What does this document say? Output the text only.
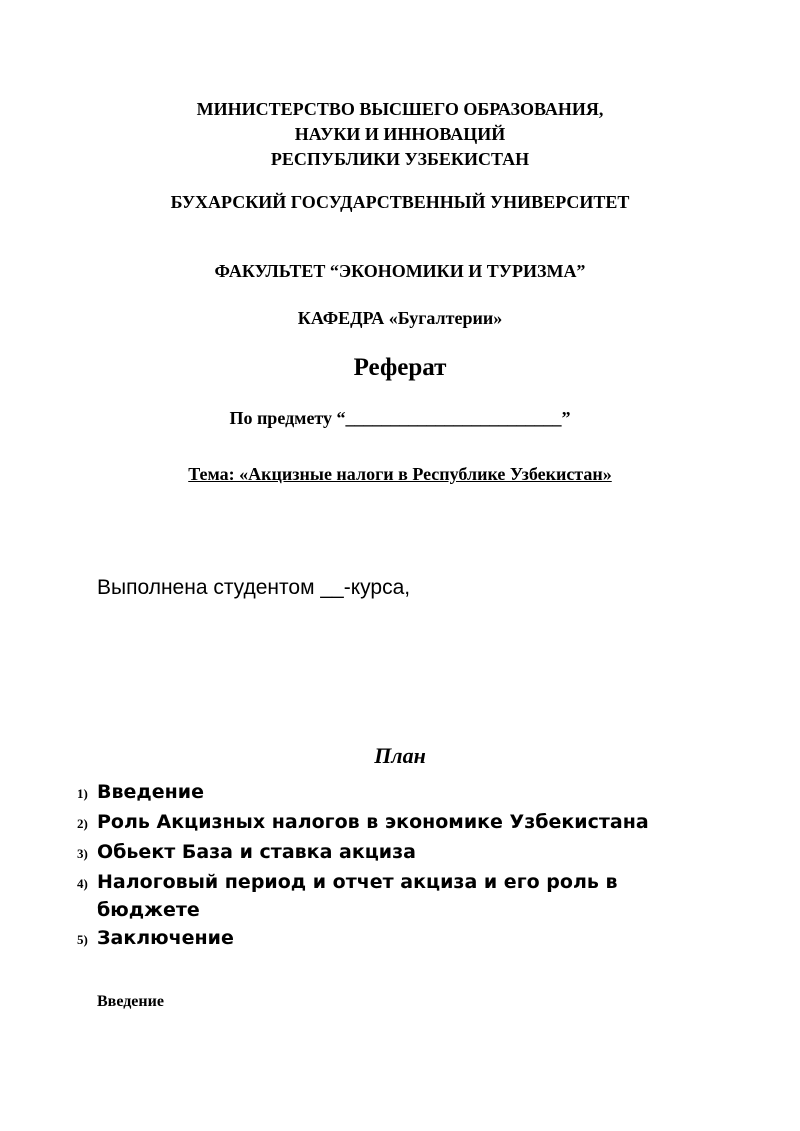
МИНИСТЕРСТВО ВЫСШЕГО ОБРАЗОВАНИЯ,
НАУКИ И ИННОВАЦИЙ
РЕСПУБЛИКИ УЗБЕКИСТАН
БУХАРСКИЙ ГОСУДАРСТВЕННЫЙ УНИВЕРСИТЕТ
ФАКУЛЬТЕТ “ЭКОНОМИКИ И ТУРИЗМА”
КАФЕДРА «Бугалтерии»
Реферат
По предмету “________________________”
Тема: «Акцизные налоги в Республике Узбекистан»
Выполнена студентом __-курса,
План
1) Введение
2) Роль Акцизных налогов в экономике Узбекистана
3) Обьект База и ставка акциза
4) Налоговый период и отчет акциза и его роль в бюджете
5) Заключение
Введение
